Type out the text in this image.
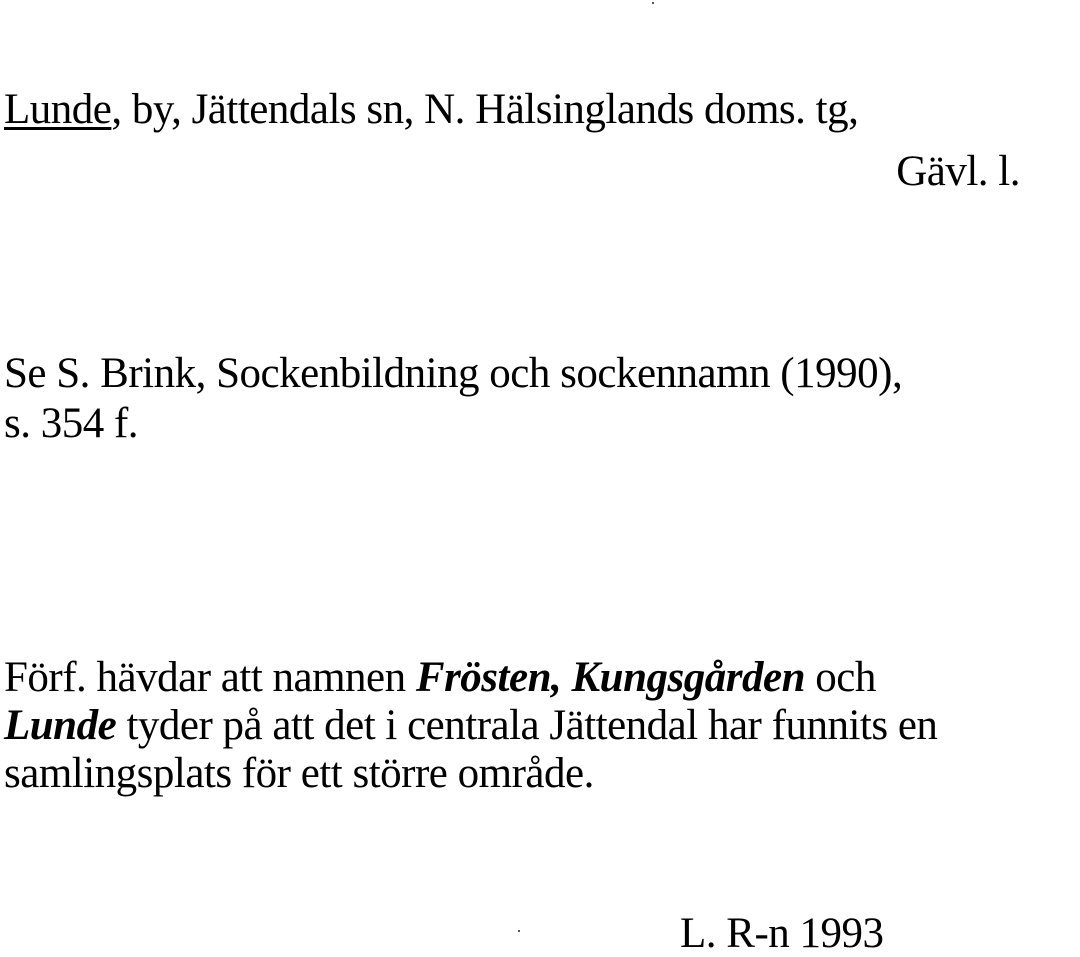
Lunde, by, Jättendals sn, N. Hälsinglands doms. tg,
Gävl. l.
Se S. Brink, Sockenbildning och sockennamn (1990),
s. 354 f.
Förf. hävdar att namnen Frösten, Kungsgården och
Lunde tyder på att det i centrala Jättendal har funnits en
samlingsplats för ett större område.
L. R-n 1993
